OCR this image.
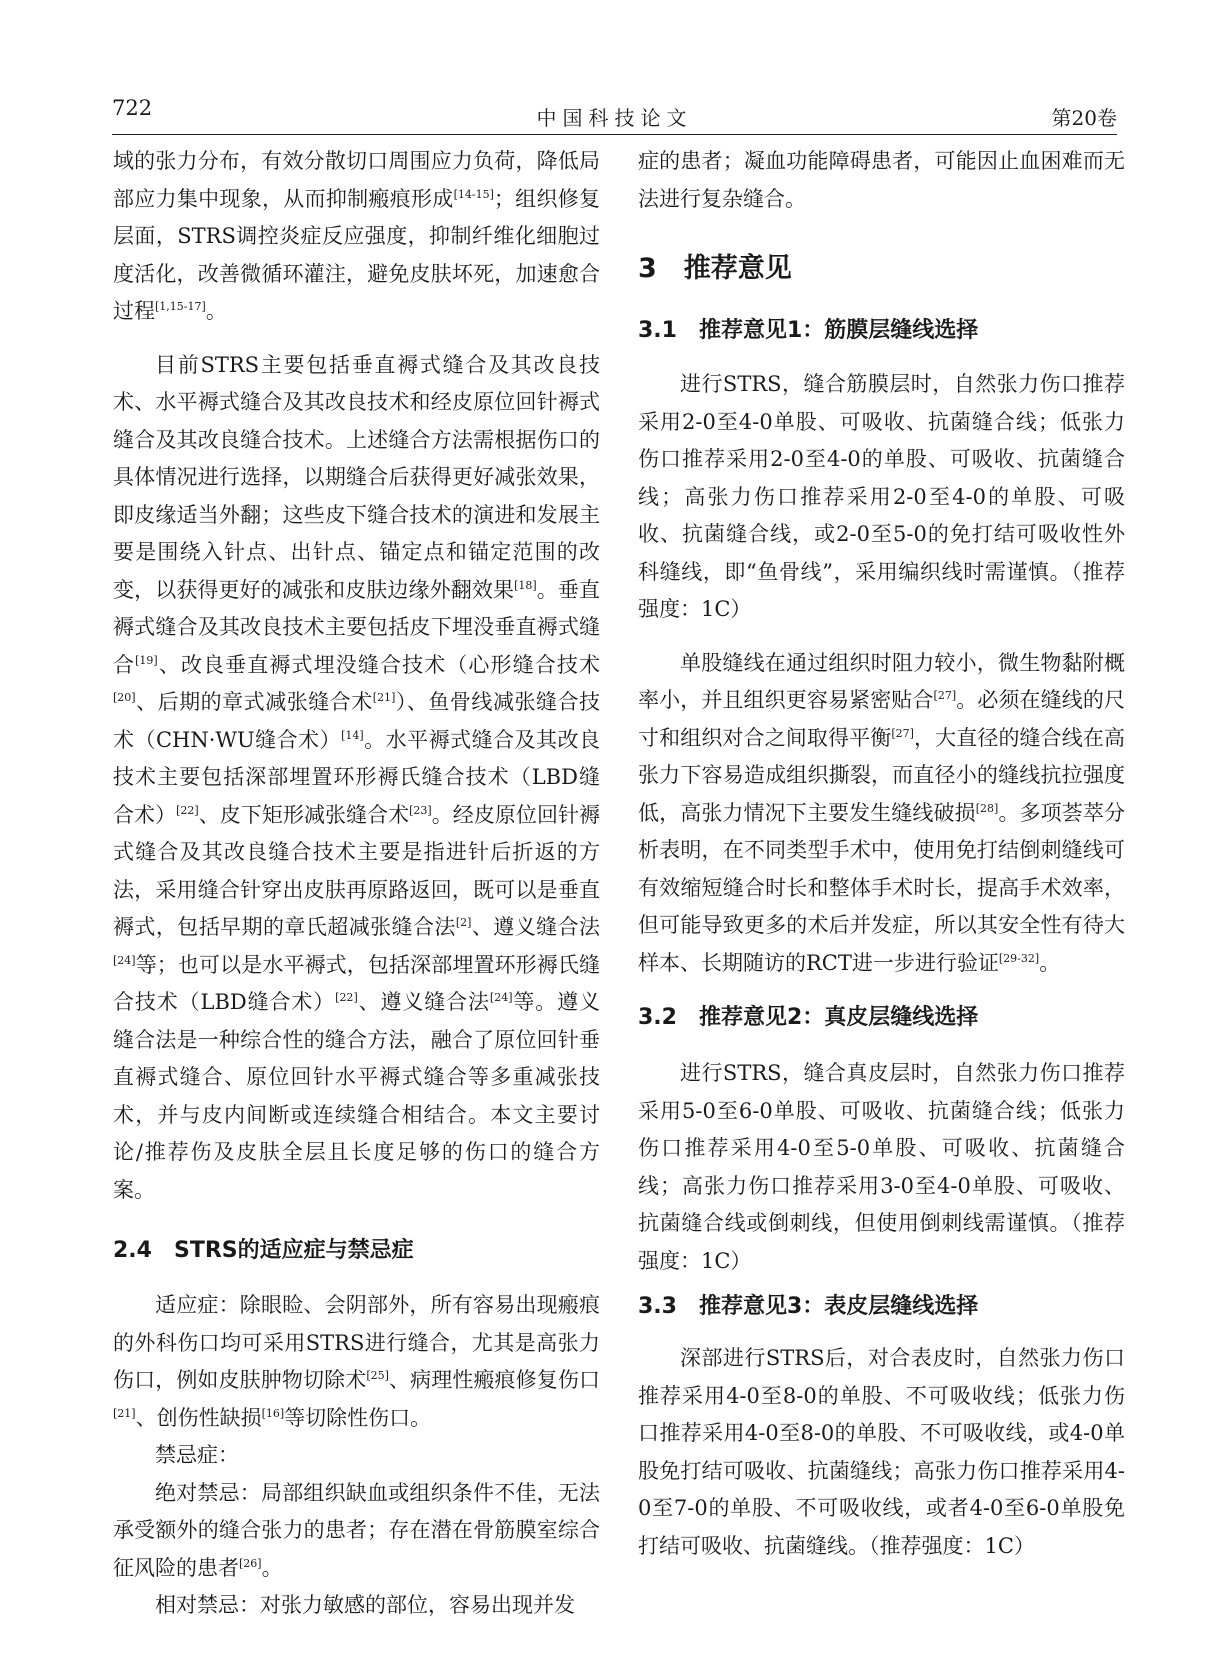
722	中国科技论文	第20卷

域的张力分布，有效分散切口周围应力负荷，降低局部应力集中现象，从而抑制瘢痕形成[14-15]；组织修复层面，STRS调控炎症反应强度，抑制纤维化细胞过度活化，改善微循环灌注，避免皮肤坏死，加速愈合过程[1,15-17]。

目前STRS主要包括垂直褥式缝合及其改良技术、水平褥式缝合及其改良技术和经皮原位回针褥式缝合及其改良缝合技术。上述缝合方法需根据伤口的具体情况进行选择，以期缝合后获得更好减张效果，即皮缘适当外翻；这些皮下缝合技术的演进和发展主要是围绕入针点、出针点、锚定点和锚定范围的改变，以获得更好的减张和皮肤边缘外翻效果[18]。垂直褥式缝合及其改良技术主要包括皮下埋没垂直褥式缝合[19]、改良垂直褥式埋没缝合技术（心形缝合技术[20]、后期的章式减张缝合术[21]）、鱼骨线减张缝合技术（CHN·WU缝合术）[14]。水平褥式缝合及其改良技术主要包括深部埋置环形褥氏缝合技术（LBD缝合术）[22]、皮下矩形减张缝合术[23]。经皮原位回针褥式缝合及其改良缝合技术主要是指进针后折返的方法，采用缝合针穿出皮肤再原路返回，既可以是垂直褥式，包括早期的章氏超减张缝合法[2]、遵义缝合法[24]等；也可以是水平褥式，包括深部埋置环形褥氏缝合技术（LBD缝合术）[22]、遵义缝合法[24]等。遵义缝合法是一种综合性的缝合方法，融合了原位回针垂直褥式缝合、原位回针水平褥式缝合等多重减张技术，并与皮内间断或连续缝合相结合。本文主要讨论/推荐伤及皮肤全层且长度足够的伤口的缝合方案。

2.4　STRS的适应症与禁忌症

适应症：除眼睑、会阴部外，所有容易出现瘢痕的外科伤口均可采用STRS进行缝合，尤其是高张力伤口，例如皮肤肿物切除术[25]、病理性瘢痕修复伤口[21]、创伤性缺损[16]等切除性伤口。

禁忌症：

绝对禁忌：局部组织缺血或组织条件不佳，无法承受额外的缝合张力的患者；存在潜在骨筋膜室综合征风险的患者[26]。

相对禁忌：对张力敏感的部位，容易出现并发

症的患者；凝血功能障碍患者，可能因止血困难而无法进行复杂缝合。

3　推荐意见
3.1　推荐意见1：筋膜层缝线选择

进行STRS，缝合筋膜层时，自然张力伤口推荐采用2-0至4-0单股、可吸收、抗菌缝合线；低张力伤口推荐采用2-0至4-0的单股、可吸收、抗菌缝合线；高张力伤口推荐采用2-0至4-0的单股、可吸收、抗菌缝合线，或2-0至5-0的免打结可吸收性外科缝线，即“鱼骨线”，采用编织线时需谨慎。（推荐强度：1C）

单股缝线在通过组织时阻力较小，微生物黏附概率小，并且组织更容易紧密贴合[27]。必须在缝线的尺寸和组织对合之间取得平衡[27]，大直径的缝合线在高张力下容易造成组织撕裂，而直径小的缝线抗拉强度低，高张力情况下主要发生缝线破损[28]。多项荟萃分析表明，在不同类型手术中，使用免打结倒刺缝线可有效缩短缝合时长和整体手术时长，提高手术效率，但可能导致更多的术后并发症，所以其安全性有待大样本、长期随访的RCT进一步进行验证[29-32]。

3.2　推荐意见2：真皮层缝线选择

进行STRS，缝合真皮层时，自然张力伤口推荐采用5-0至6-0单股、可吸收、抗菌缝合线；低张力伤口推荐采用4-0至5-0单股、可吸收、抗菌缝合线；高张力伤口推荐采用3-0至4-0单股、可吸收、抗菌缝合线或倒刺线，但使用倒刺线需谨慎。（推荐强度：1C）

3.3　推荐意见3：表皮层缝线选择

深部进行STRS后，对合表皮时，自然张力伤口推荐采用4-0至8-0的单股、不可吸收线；低张力伤口推荐采用4-0至8-0的单股、不可吸收线，或4-0单股免打结可吸收、抗菌缝线；高张力伤口推荐采用4-0至7-0的单股、不可吸收线，或者4-0至6-0单股免打结可吸收、抗菌缝线。（推荐强度：1C）
